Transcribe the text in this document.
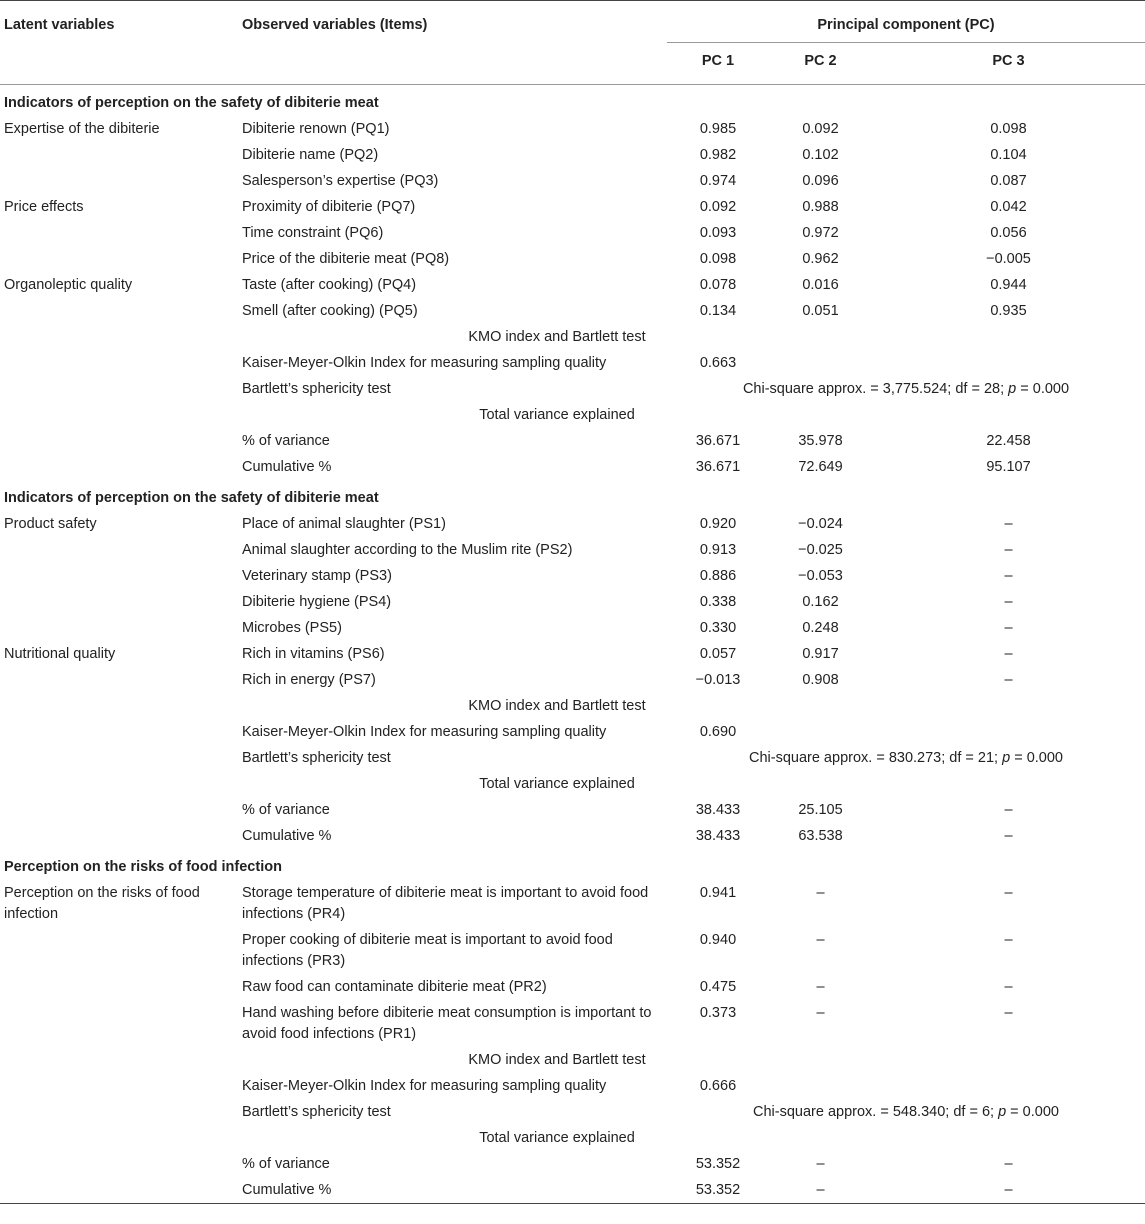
Latent variables	Observed variables (Items)	Principal component (PC)		
		PC 1	PC 2	PC 3
Indicators of perception on the safety of dibiterie meat				
Expertise of the dibiterie	Dibiterie renown (PQ1)	0.985	0.092	0.098
	Dibiterie name (PQ2)	0.982	0.102	0.104
	Salesperson’s expertise (PQ3)	0.974	0.096	0.087
Price effects	Proximity of dibiterie (PQ7)	0.092	0.988	0.042
	Time constraint (PQ6)	0.093	0.972	0.056
	Price of the dibiterie meat (PQ8)	0.098	0.962	−0.005
Organoleptic quality	Taste (after cooking) (PQ4)	0.078	0.016	0.944
	Smell (after cooking) (PQ5)	0.134	0.051	0.935
	KMO index and Bartlett test			
	Kaiser-Meyer-Olkin Index for measuring sampling quality	0.663		
	Bartlett’s sphericity test	Chi-square approx. = 3,775.524; df = 28; p = 0.000		
	Total variance explained			
	% of variance	36.671	35.978	22.458
	Cumulative %	36.671	72.649	95.107
Indicators of perception on the safety of dibiterie meat				
Product safety	Place of animal slaughter (PS1)	0.920	−0.024	–
	Animal slaughter according to the Muslim rite (PS2)	0.913	−0.025	–
	Veterinary stamp (PS3)	0.886	−0.053	–
	Dibiterie hygiene (PS4)	0.338	0.162	–
	Microbes (PS5)	0.330	0.248	–
Nutritional quality	Rich in vitamins (PS6)	0.057	0.917	–
	Rich in energy (PS7)	−0.013	0.908	–
	KMO index and Bartlett test			
	Kaiser-Meyer-Olkin Index for measuring sampling quality	0.690		
	Bartlett’s sphericity test	Chi-square approx. = 830.273; df = 21; p = 0.000		
	Total variance explained			
	% of variance	38.433	25.105	–
	Cumulative %	38.433	63.538	–
Perception on the risks of food infection				
Perception on the risks of food infection	Storage temperature of dibiterie meat is important to avoid food infections (PR4)	0.941	–	–
	Proper cooking of dibiterie meat is important to avoid food infections (PR3)	0.940	–	–
	Raw food can contaminate dibiterie meat (PR2)	0.475	–	–
	Hand washing before dibiterie meat consumption is important to avoid food infections (PR1)	0.373	–	–
	KMO index and Bartlett test			
	Kaiser-Meyer-Olkin Index for measuring sampling quality	0.666		
	Bartlett’s sphericity test	Chi-square approx. = 548.340; df = 6; p = 0.000		
	Total variance explained			
	% of variance	53.352	–	–
	Cumulative %	53.352	–	–
